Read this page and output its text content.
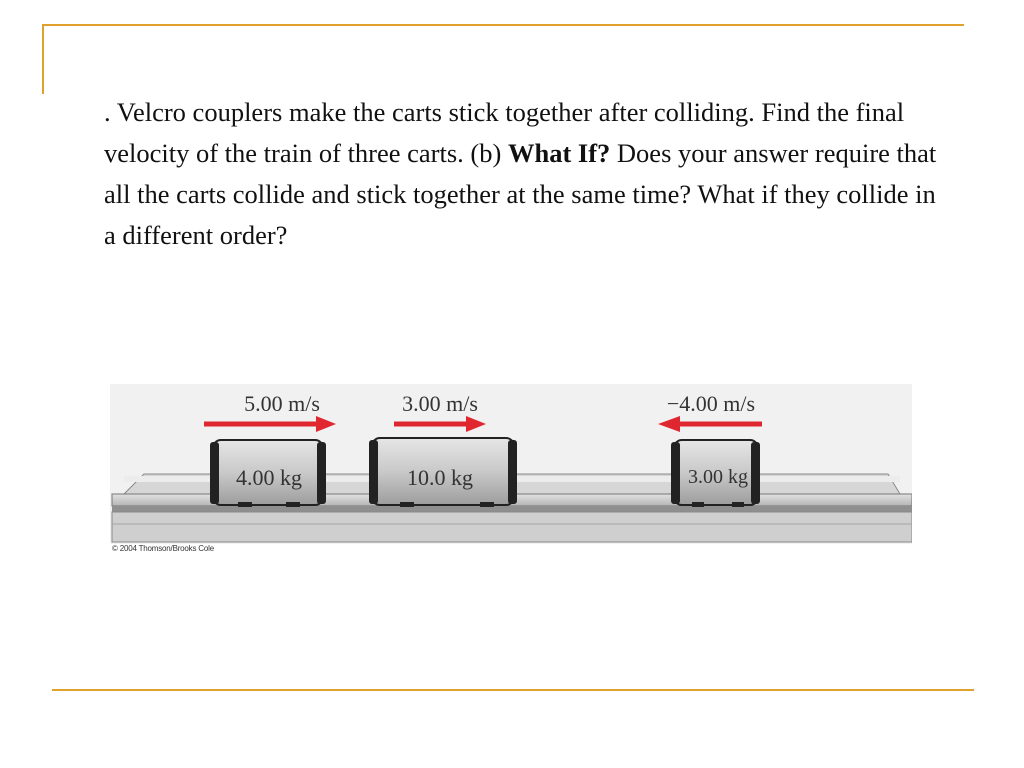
. Velcro couplers make the carts stick together after colliding. Find the final velocity of the train of three carts. (b) What If? Does your answer require that all the carts collide and stick together at the same time? What if they collide in a different order?

4.00 kg
5.00 m/s
10.0 kg
3.00 m/s
3.00 kg
−4.00 m/s
© 2004 Thomson/Brooks Cole
